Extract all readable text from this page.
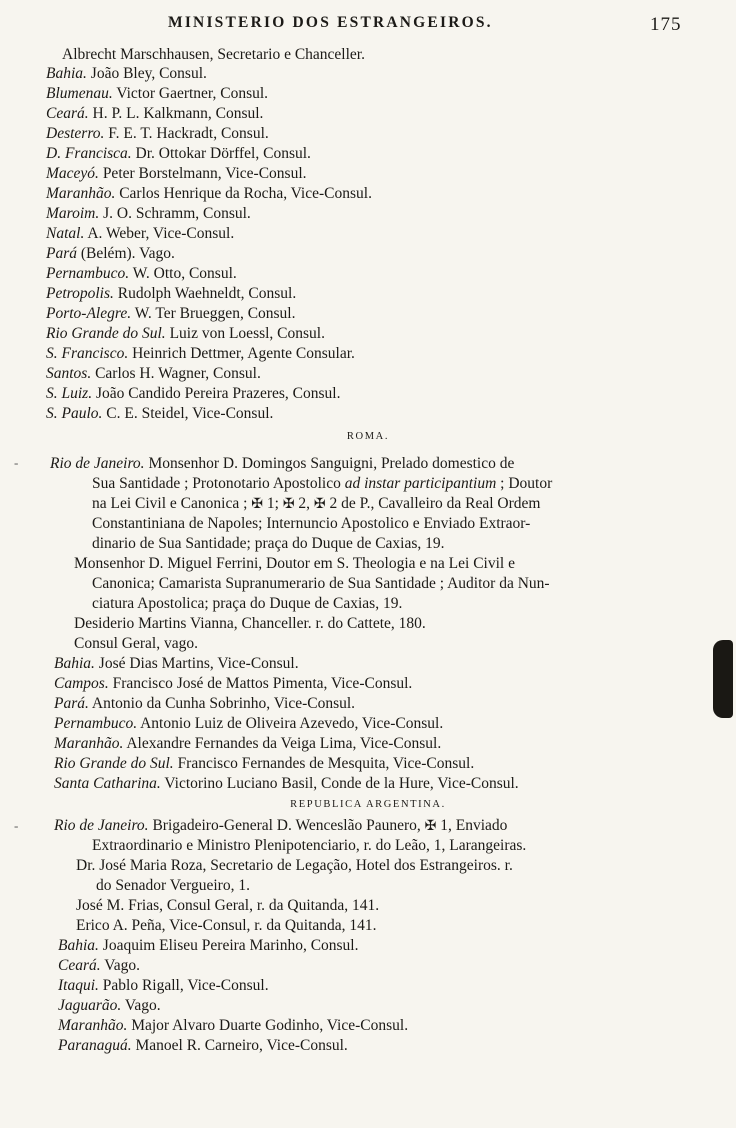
MINISTERIO DOS ESTRANGEIROS.	175
Albrecht Marschhausen, Secretario e Chanceller.
Bahia. João Bley, Consul.
Blumenau. Victor Gaertner, Consul.
Ceará. H. P. L. Kalkmann, Consul.
Desterro. F. E. T. Hackradt, Consul.
D. Francisca. Dr. Ottokar Dörffel, Consul.
Maceyó. Peter Borstelmann, Vice-Consul.
Maranhão. Carlos Henrique da Rocha, Vice-Consul.
Maroim. J. O. Schramm, Consul.
Natal. A. Weber, Vice-Consul.
Pará (Belém). Vago.
Pernambuco. W. Otto, Consul.
Petropolis. Rudolph Waehneldt, Consul.
Porto-Alegre. W. Ter Brueggen, Consul.
Rio Grande do Sul. Luiz von Loessl, Consul.
S. Francisco. Heinrich Dettmer, Agente Consular.
Santos. Carlos H. Wagner, Consul.
S. Luiz. João Candido Pereira Prazeres, Consul.
S. Paulo. C. E. Steidel, Vice-Consul.
ROMA.
- Rio de Janeiro. Monsenhor D. Domingos Sanguigni, Prelado domestico de
Sua Santidade ; Protonotario Apostolico ad instar participantium ; Doutor
na Lei Civil e Canonica ; ✠ 1; ✠ 2, ✠ 2 de P., Cavalleiro da Real Ordem
Constantiniana de Napoles; Internuncio Apostolico e Enviado Extraor-
dinario de Sua Santidade; praça do Duque de Caxias, 19.
Monsenhor D. Miguel Ferrini, Doutor em S. Theologia e na Lei Civil e
Canonica; Camarista Supranumerario de Sua Santidade ; Auditor da Nun-
ciatura Apostolica; praça do Duque de Caxias, 19.
Desiderio Martins Vianna, Chanceller. r. do Cattete, 180.
Consul Geral, vago.
Bahia. José Dias Martins, Vice-Consul.
Campos. Francisco José de Mattos Pimenta, Vice-Consul.
Pará. Antonio da Cunha Sobrinho, Vice-Consul.
Pernambuco. Antonio Luiz de Oliveira Azevedo, Vice-Consul.
Maranhão. Alexandre Fernandes da Veiga Lima, Vice-Consul.
Rio Grande do Sul. Francisco Fernandes de Mesquita, Vice-Consul.
Santa Catharina. Victorino Luciano Basil, Conde de la Hure, Vice-Consul.
REPUBLICA ARGENTINA.
- Rio de Janeiro. Brigadeiro-General D. Wenceslão Paunero, ✠ 1, Enviado
Extraordinario e Ministro Plenipotenciario, r. do Leão, 1, Larangeiras.
Dr. José Maria Roza, Secretario de Legação, Hotel dos Estrangeiros. r.
do Senador Vergueiro, 1.
José M. Frias, Consul Geral, r. da Quitanda, 141.
Erico A. Peña, Vice-Consul, r. da Quitanda, 141.
Bahia. Joaquim Eliseu Pereira Marinho, Consul.
Ceará. Vago.
Itaqui. Pablo Rigall, Vice-Consul.
Jaguarão. Vago.
Maranhão. Major Alvaro Duarte Godinho, Vice-Consul.
Paranaguá. Manoel R. Carneiro, Vice-Consul.
